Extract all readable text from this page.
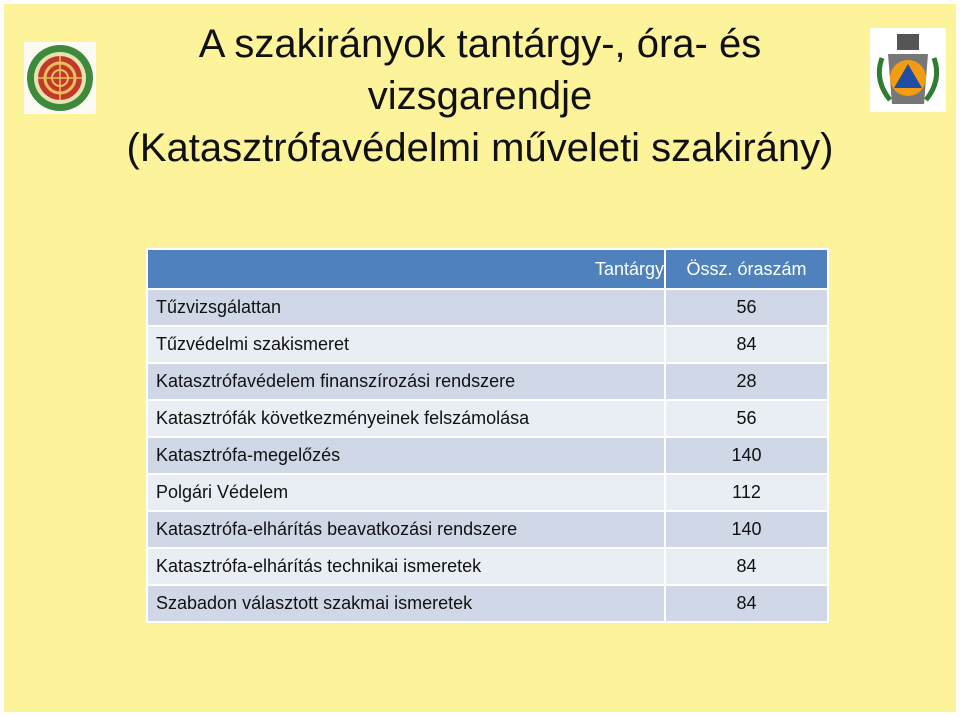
A szakirányok tantárgy-, óra- és
vizsgarendje
(Katasztrófavédelmi műveleti szakirány)
Tantárgy	Össz. óraszám
Tűzvizsgálattan	56
Tűzvédelmi szakismeret	84
Katasztrófavédelem finanszírozási rendszere	28
Katasztrófák következményeinek felszámolása	56
Katasztrófa-megelőzés	140
Polgári Védelem	112
Katasztrófa-elhárítás beavatkozási rendszere	140
Katasztrófa-elhárítás technikai ismeretek	84
Szabadon választott szakmai ismeretek	84
